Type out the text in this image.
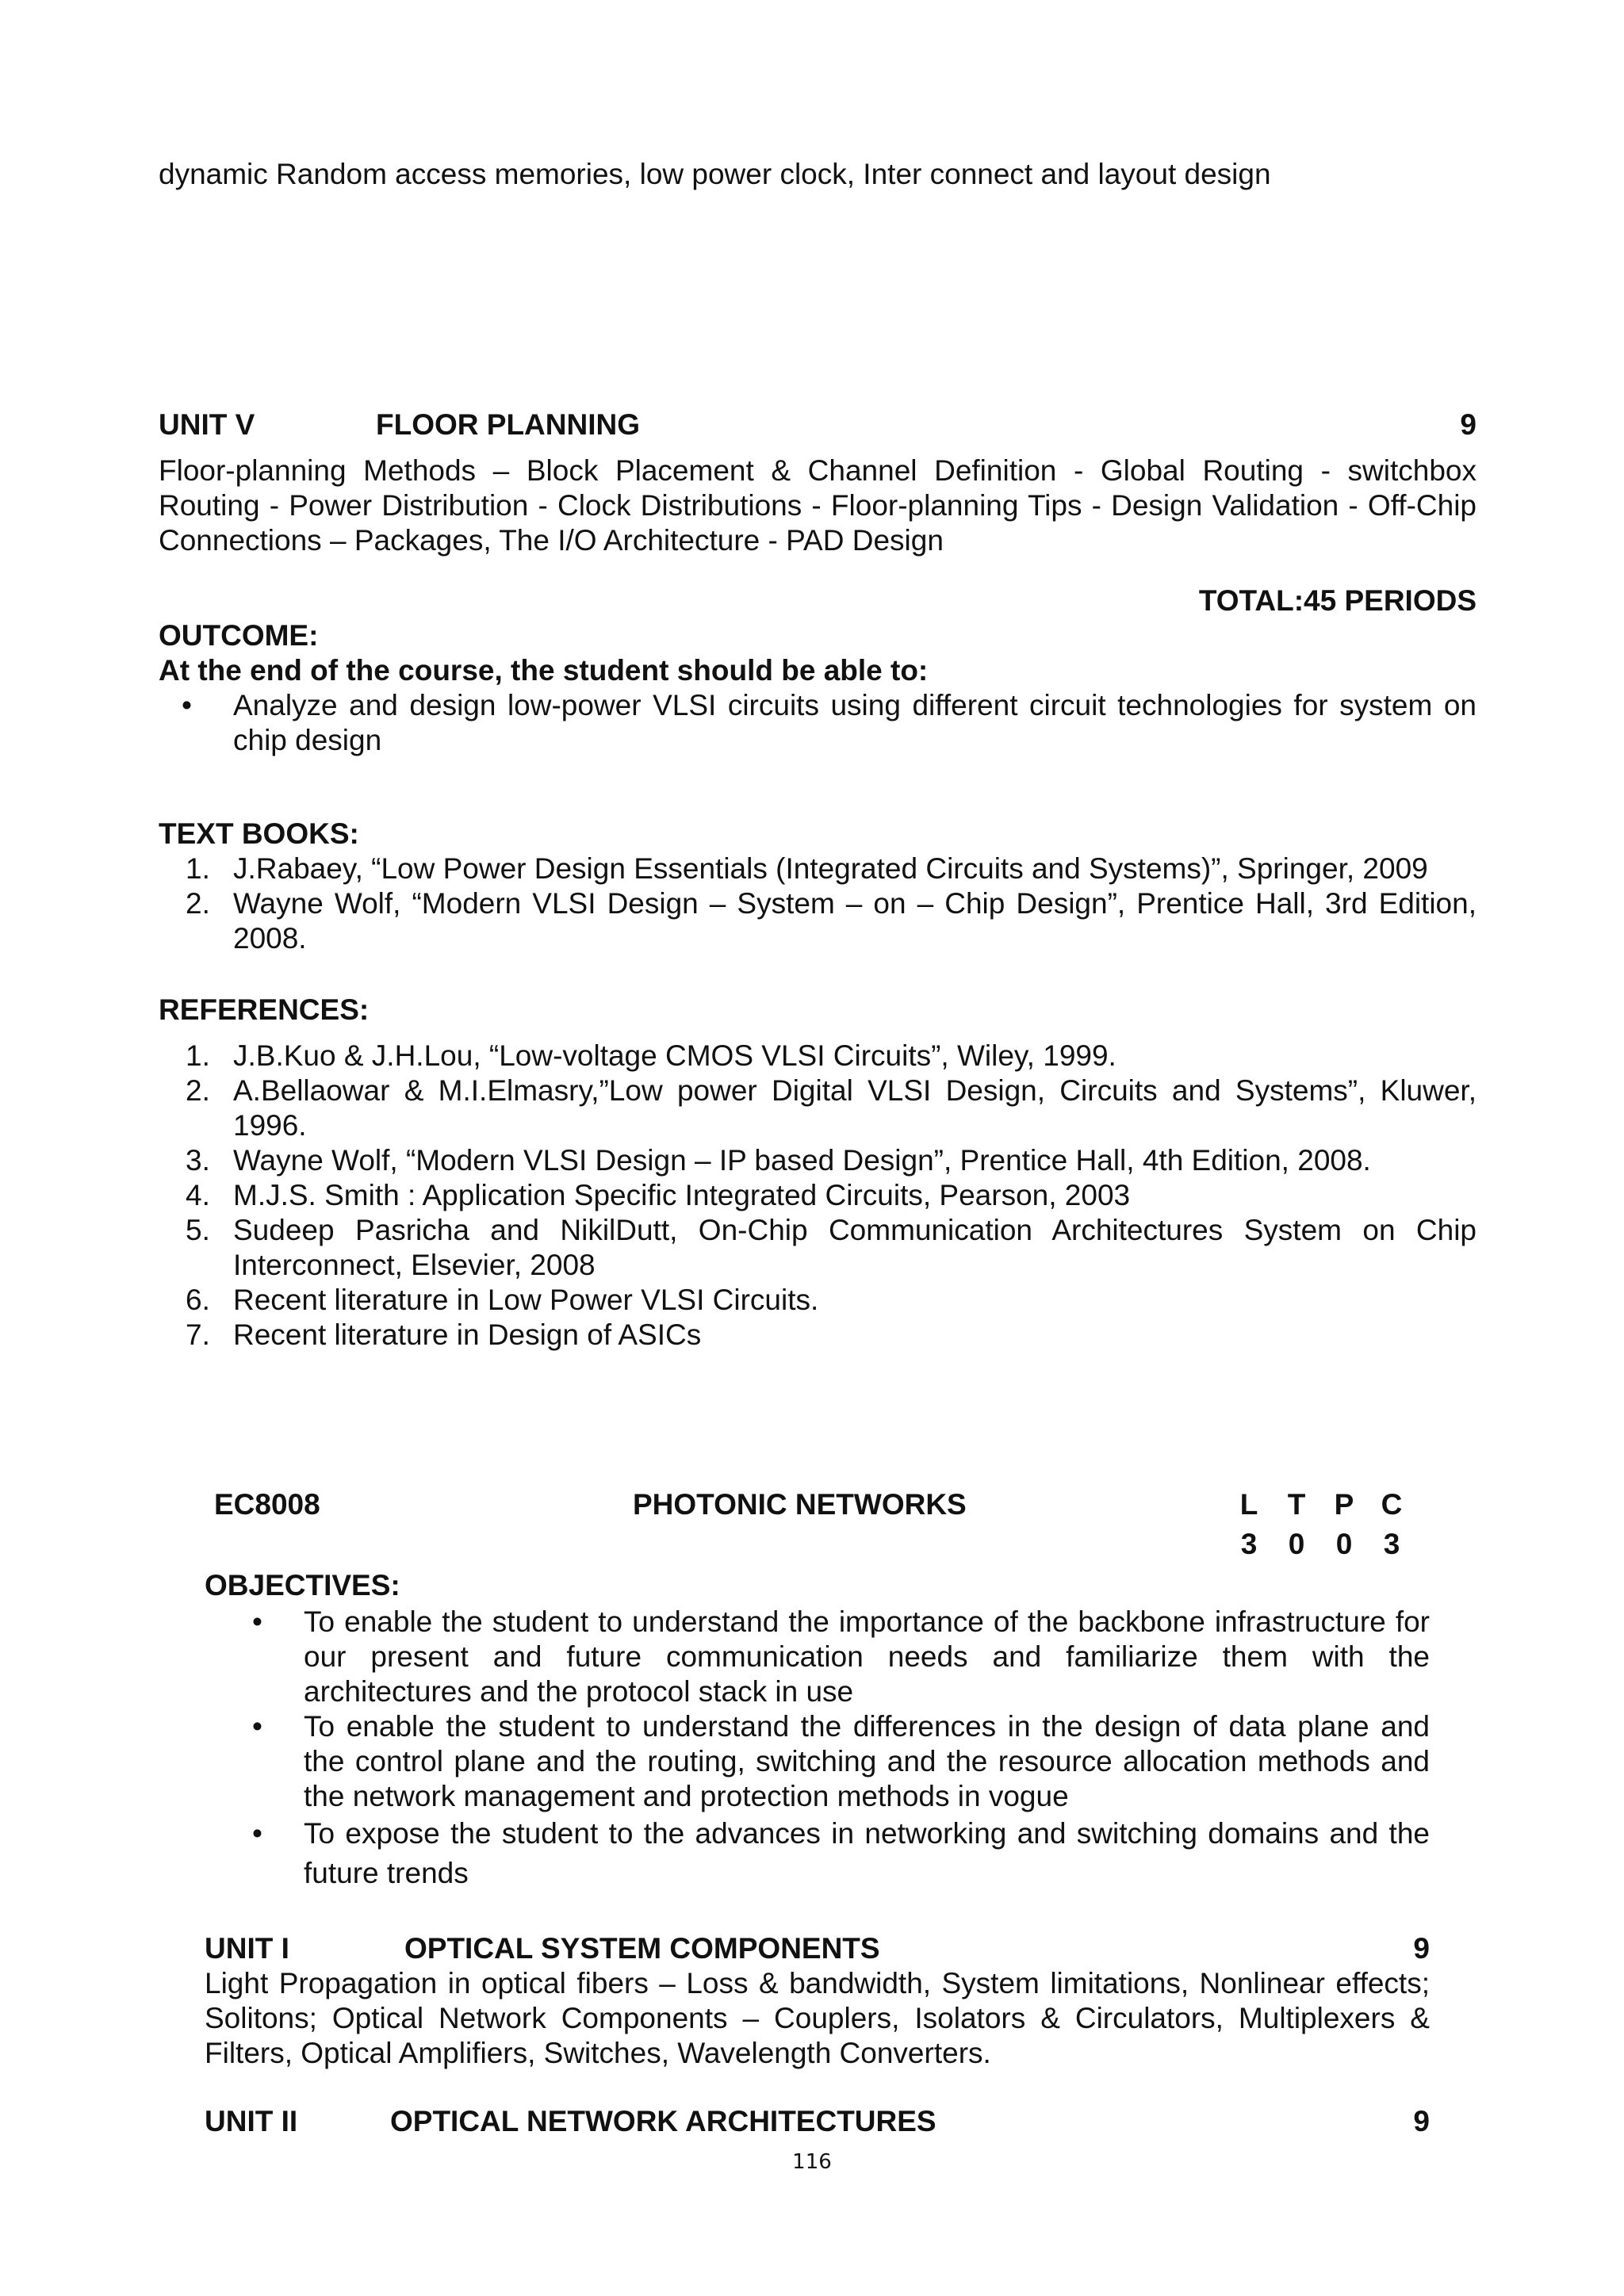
dynamic Random access memories, low power clock, Inter connect and layout design
UNIT V	FLOOR PLANNING	9
Floor-planning Methods – Block Placement & Channel Definition - Global Routing - switchbox Routing - Power Distribution - Clock Distributions - Floor-planning Tips - Design Validation - Off-Chip Connections – Packages, The I/O Architecture - PAD Design
TOTAL:45 PERIODS
OUTCOME:
At the end of the course, the student should be able to:
•	Analyze and design low-power VLSI circuits using different circuit technologies for system on chip design
TEXT BOOKS:
1. J.Rabaey, “Low Power Design Essentials (Integrated Circuits and Systems)”, Springer, 2009
2. Wayne Wolf, “Modern VLSI Design – System – on – Chip Design”, Prentice Hall, 3rd Edition, 2008.
REFERENCES:
1. J.B.Kuo & J.H.Lou, “Low-voltage CMOS VLSI Circuits”, Wiley, 1999.
2. A.Bellaowar & M.I.Elmasry,”Low power Digital VLSI Design, Circuits and Systems”, Kluwer, 1996.
3. Wayne Wolf, “Modern VLSI Design – IP based Design”, Prentice Hall, 4th Edition, 2008.
4. M.J.S. Smith : Application Specific Integrated Circuits, Pearson, 2003
5. Sudeep Pasricha and NikilDutt, On-Chip Communication Architectures System on Chip Interconnect, Elsevier, 2008
6. Recent literature in Low Power VLSI Circuits.
7. Recent literature in Design of ASICs
EC8008	PHOTONIC NETWORKS	L T P C
3 0 0 3
OBJECTIVES:
•	To enable the student to understand the importance of the backbone infrastructure for our present and future communication needs and familiarize them with the architectures and the protocol stack in use
•	To enable the student to understand the differences in the design of data plane and the control plane and the routing, switching and the resource allocation methods and the network management and protection methods in vogue
•	To expose the student to the advances in networking and switching domains and the future trends
UNIT I	OPTICAL SYSTEM COMPONENTS	9
Light Propagation in optical fibers – Loss & bandwidth, System limitations, Nonlinear effects; Solitons; Optical Network Components – Couplers, Isolators & Circulators, Multiplexers & Filters, Optical Amplifiers, Switches, Wavelength Converters.
UNIT II	OPTICAL NETWORK ARCHITECTURES	9
116
